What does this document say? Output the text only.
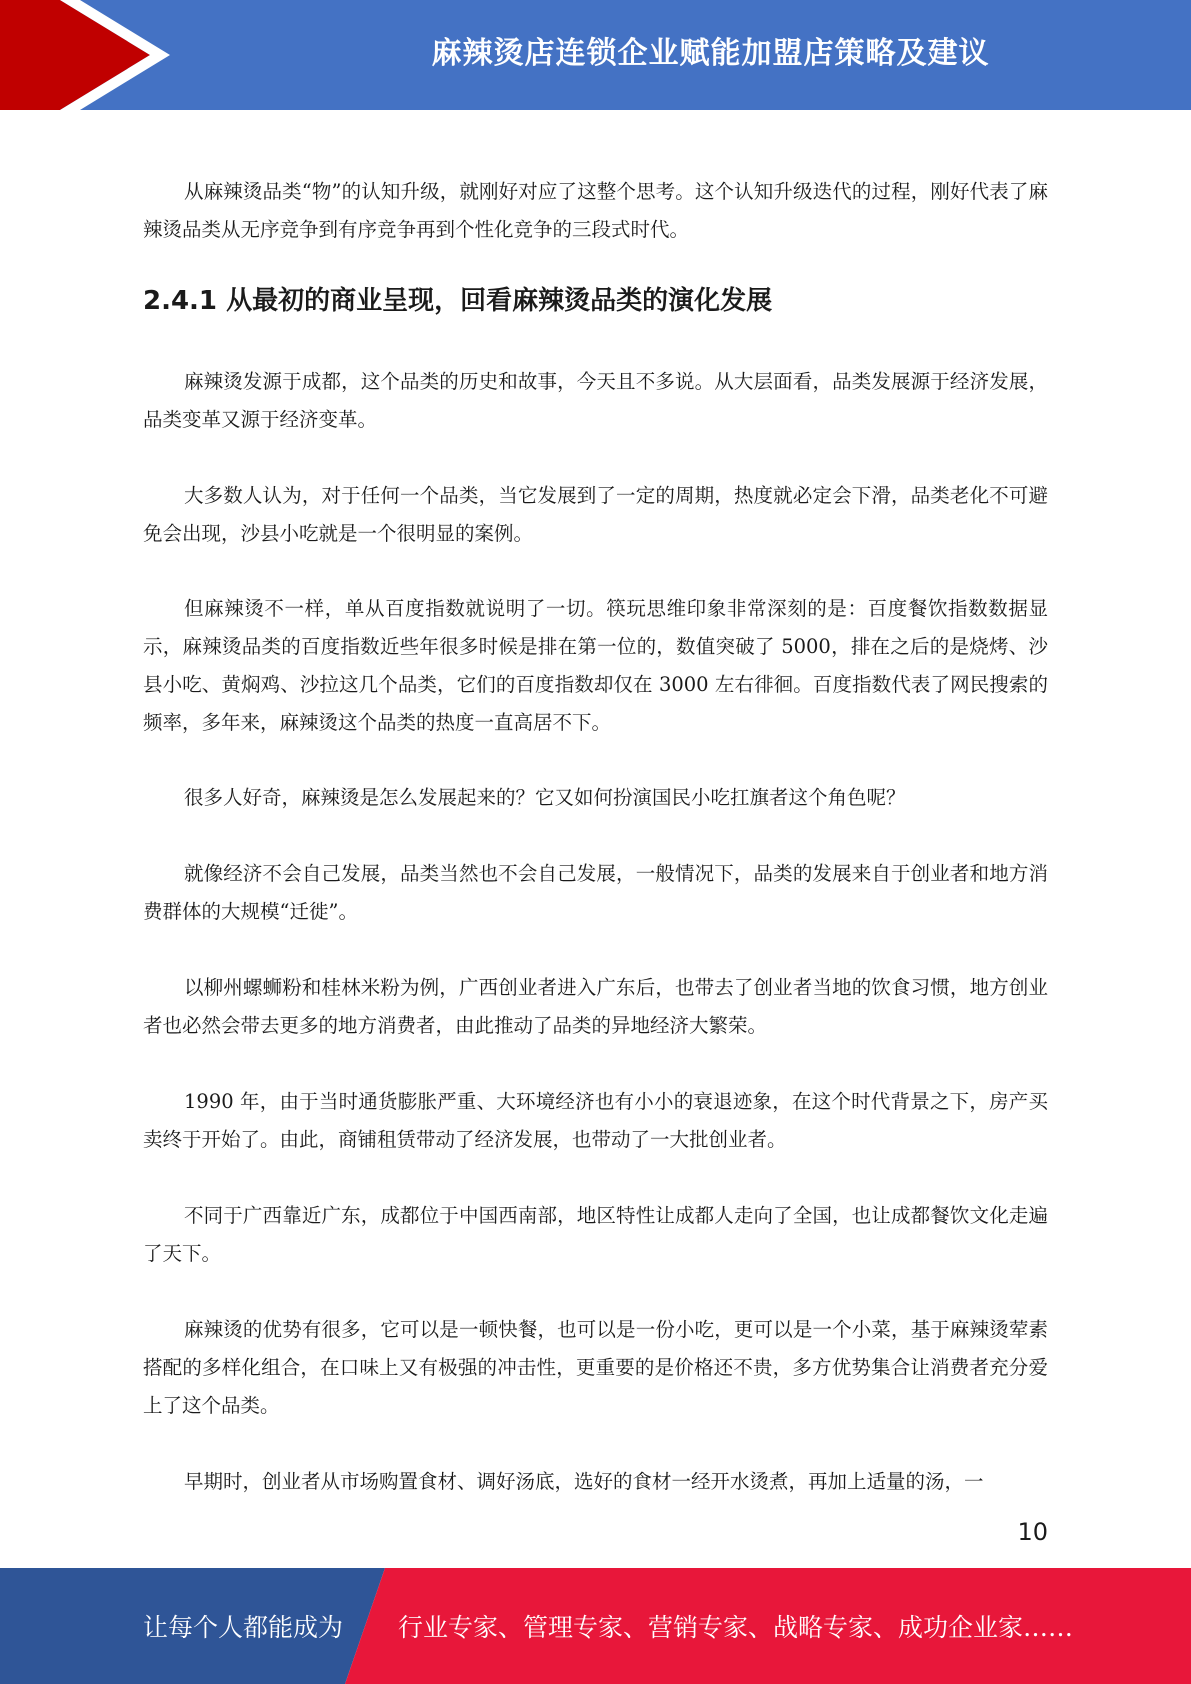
麻辣烫店连锁企业赋能加盟店策略及建议

从麻辣烫品类“物”的认知升级，就刚好对应了这整个思考。这个认知升级迭代的过程，刚好代表了麻辣烫品类从无序竞争到有序竞争再到个性化竞争的三段式时代。

2.4.1 从最初的商业呈现，回看麻辣烫品类的演化发展

麻辣烫发源于成都，这个品类的历史和故事，今天且不多说。从大层面看，品类发展源于经济发展，品类变革又源于经济变革。

大多数人认为，对于任何一个品类，当它发展到了一定的周期，热度就必定会下滑，品类老化不可避免会出现，沙县小吃就是一个很明显的案例。

但麻辣烫不一样，单从百度指数就说明了一切。筷玩思维印象非常深刻的是：百度餐饮指数数据显示，麻辣烫品类的百度指数近些年很多时候是排在第一位的，数值突破了 5000，排在之后的是烧烤、沙县小吃、黄焖鸡、沙拉这几个品类，它们的百度指数却仅在 3000 左右徘徊。百度指数代表了网民搜索的频率，多年来，麻辣烫这个品类的热度一直高居不下。

很多人好奇，麻辣烫是怎么发展起来的？它又如何扮演国民小吃扛旗者这个角色呢？

就像经济不会自己发展，品类当然也不会自己发展，一般情况下，品类的发展来自于创业者和地方消费群体的大规模“迁徙”。

以柳州螺蛳粉和桂林米粉为例，广西创业者进入广东后，也带去了创业者当地的饮食习惯，地方创业者也必然会带去更多的地方消费者，由此推动了品类的异地经济大繁荣。

1990 年，由于当时通货膨胀严重、大环境经济也有小小的衰退迹象，在这个时代背景之下，房产买卖终于开始了。由此，商铺租赁带动了经济发展，也带动了一大批创业者。

不同于广西靠近广东，成都位于中国西南部，地区特性让成都人走向了全国，也让成都餐饮文化走遍了天下。

麻辣烫的优势有很多，它可以是一顿快餐，也可以是一份小吃，更可以是一个小菜，基于麻辣烫荤素搭配的多样化组合，在口味上又有极强的冲击性，更重要的是价格还不贵，多方优势集合让消费者充分爱上了这个品类。

早期时，创业者从市场购置食材、调好汤底，选好的食材一经开水烫煮，再加上适量的汤，一

10
让每个人都能成为 行业专家、管理专家、营销专家、战略专家、成功企业家……
